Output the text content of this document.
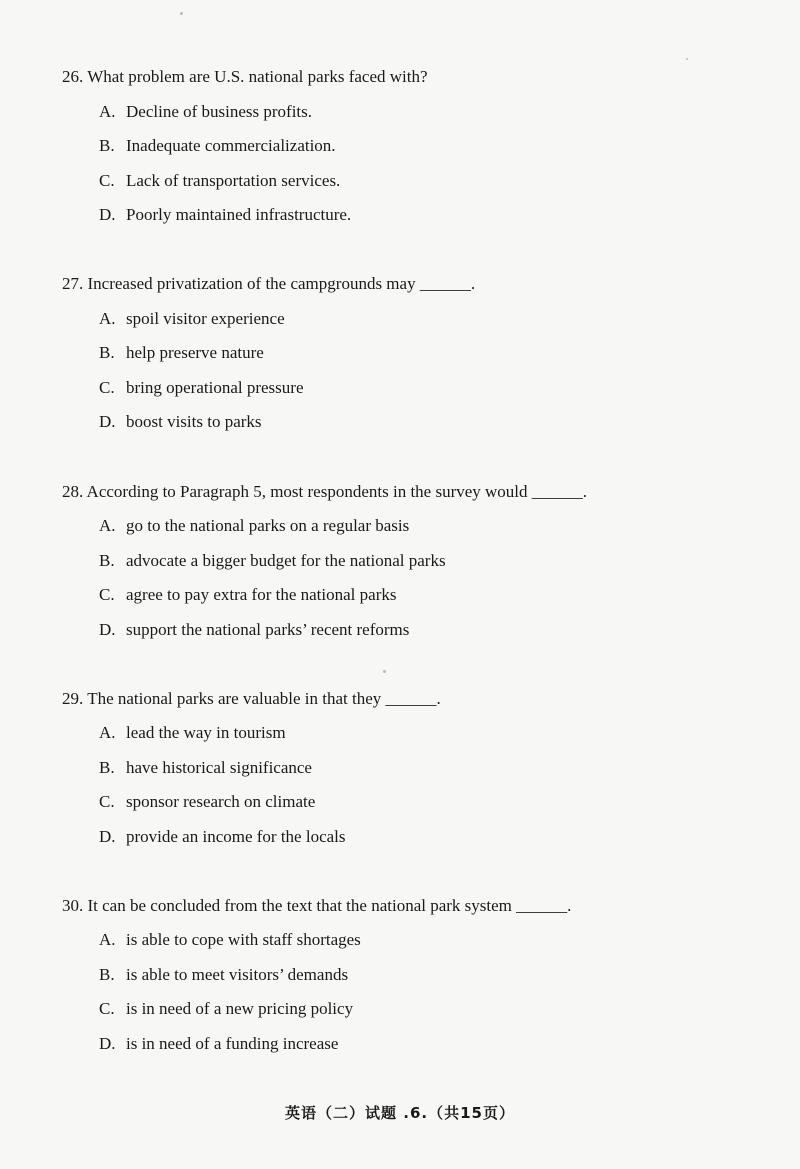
26. What problem are U.S. national parks faced with?
A. Decline of business profits.
B. Inadequate commercialization.
C. Lack of transportation services.
D. Poorly maintained infrastructure.
27. Increased privatization of the campgrounds may ______.
A. spoil visitor experience
B. help preserve nature
C. bring operational pressure
D. boost visits to parks
28. According to Paragraph 5, most respondents in the survey would ______.
A. go to the national parks on a regular basis
B. advocate a bigger budget for the national parks
C. agree to pay extra for the national parks
D. support the national parks’ recent reforms
29. The national parks are valuable in that they ______.
A. lead the way in tourism
B. have historical significance
C. sponsor research on climate
D. provide an income for the locals
30. It can be concluded from the text that the national park system ______.
A. is able to cope with staff shortages
B. is able to meet visitors’ demands
C. is in need of a new pricing policy
D. is in need of a funding increase
英语（二）试题 .6.（共15页）
